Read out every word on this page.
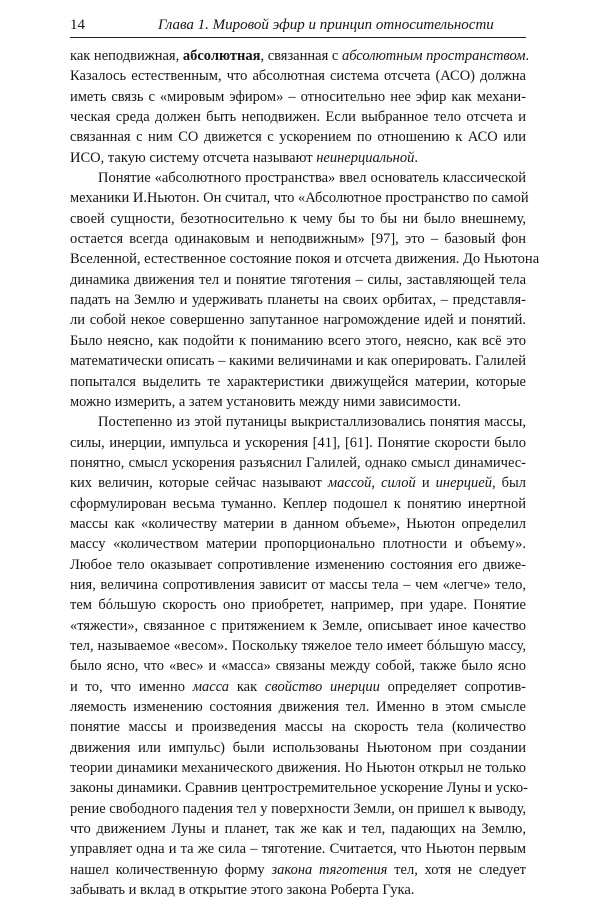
14	Глава 1. Мировой эфир и принцип относительности
как неподвижная, абсолютная, связанная с абсолютным пространством.
Казалось естественным, что абсолютная система отсчета (АСО) должна
иметь связь с «мировым эфиром» – относительно нее эфир как механи-
ческая среда должен быть неподвижен. Если выбранное тело отсчета и
связанная с ним СО движется с ускорением по отношению к АСО или
ИСО, такую систему отсчета называют неинерциальной.
Понятие «абсолютного пространства» ввел основатель классической
механики И.Ньютон. Он считал, что «Абсолютное пространство по самой
своей сущности, безотносительно к чему бы то бы ни было внешнему,
остается всегда одинаковым и неподвижным» [97], это – базовый фон
Вселенной, естественное состояние покоя и отсчета движения. До Ньютона
динамика движения тел и понятие тяготения – силы, заставляющей тела
падать на Землю и удерживать планеты на своих орбитах, – представля-
ли собой некое совершенно запутанное нагромождение идей и понятий.
Было неясно, как подойти к пониманию всего этого, неясно, как всё это
математически описать – какими величинами и как оперировать. Галилей
попытался выделить те характеристики движущейся материи, которые
можно измерить, а затем установить между ними зависимости.
Постепенно из этой путаницы выкристаллизовались понятия массы,
силы, инерции, импульса и ускорения [41], [61]. Понятие скорости было
понятно, смысл ускорения разъяснил Галилей, однако смысл динамичес-
ких величин, которые сейчас называют массой, силой и инерцией, был
сформулирован весьма туманно. Кеплер подошел к понятию инертной
массы как «количеству материи в данном объеме», Ньютон определил
массу «количеством материи пропорционально плотности и объему».
Любое тело оказывает сопротивление изменению состояния его движе-
ния, величина сопротивления зависит от массы тела – чем «легче» тело,
тем бóльшую скорость оно приобретет, например, при ударе. Понятие
«тяжести», связанное с притяжением к Земле, описывает иное качество
тел, называемое «весом». Поскольку тяжелое тело имеет бóльшую массу,
было ясно, что «вес» и «масса» связаны между собой, также было ясно
и то, что именно масса как свойство инерции определяет сопротив-
ляемость изменению состояния движения тел. Именно в этом смысле
понятие массы и произведения массы на скорость тела (количество
движения или импульс) были использованы Ньютоном при создании
теории динамики механического движения. Но Ньютон открыл не только
законы динамики. Сравнив центростремительное ускорение Луны и уско-
рение свободного падения тел у поверхности Земли, он пришел к выводу,
что движением Луны и планет, так же как и тел, падающих на Землю,
управляет одна и та же сила – тяготение. Считается, что Ньютон первым
нашел количественную форму закона тяготения тел, хотя не следует
забывать и вклад в открытие этого закона Роберта Гука.
